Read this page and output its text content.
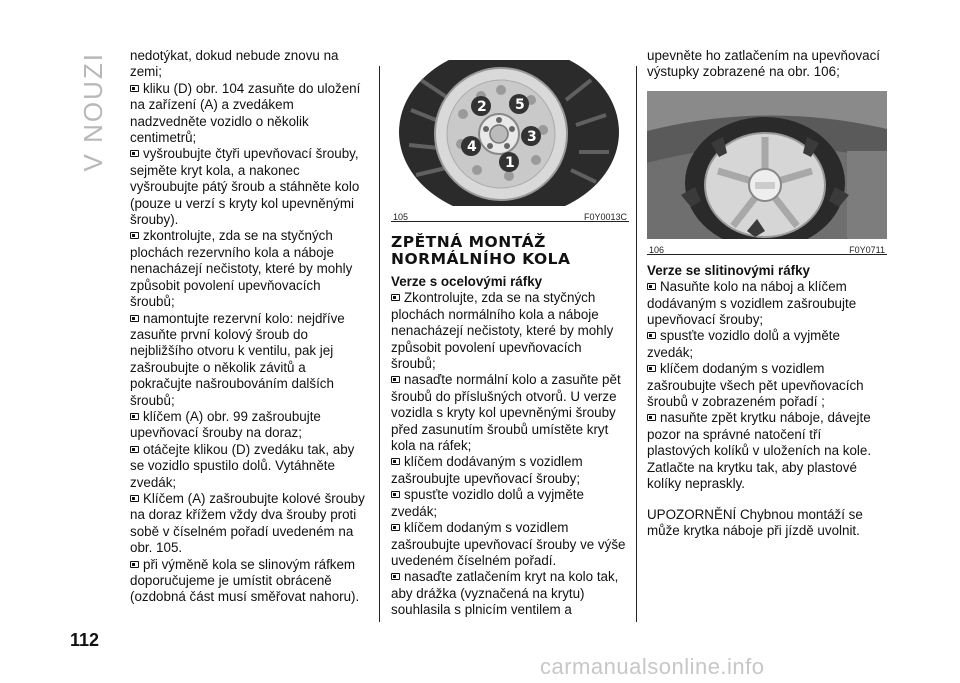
V NOUZI
112
nedotýkat, dokud nebude znovu na zemi;
kliku (D) obr. 104 zasuňte do uložení na zařízení (A) a zvedákem nadzvedněte vozidlo o několik centimetrů;
vyšroubujte čtyři upevňovací šrouby, sejměte kryt kola, a nakonec vyšroubujte pátý šroub a stáhněte kolo (pouze u verzí s kryty kol upevněnými šrouby).
zkontrolujte, zda se na styčných plochách rezervního kola a náboje nenacházejí nečistoty, které by mohly způsobit povolení upevňovacích šroubů;
namontujte rezervní kolo: nejdříve zasuňte první kolový šroub do nejbližšího otvoru k ventilu, pak jej zašroubujte o několik závitů a pokračujte našroubováním dalších šroubů;
klíčem (A) obr. 99 zašroubujte upevňovací šrouby na doraz;
otáčejte klikou (D) zvedáku tak, aby se vozidlo spustilo dolů. Vytáhněte zvedák;
Klíčem (A) zašroubujte kolové šrouby na doraz křížem vždy dva šrouby proti sobě v číselném pořadí uvedeném na obr. 105.
při výměně kola se slinovým ráfkem doporučujeme je umístit obráceně (ozdobná část musí směřovat nahoru).
2 5
3
4
1
105	F0Y0013C
ZPĚTNÁ MONTÁŽ NORMÁLNÍHO KOLA
Verze s ocelovými ráfky
Zkontrolujte, zda se na styčných plochách normálního kola a náboje nenacházejí nečistoty, které by mohly způsobit povolení upevňovacích šroubů;
nasaďte normální kolo a zasuňte pět šroubů do příslušných otvorů. U verze vozidla s kryty kol upevněnými šrouby před zasunutím šroubů umístěte kryt kola na ráfek;
klíčem dodávaným s vozidlem zašroubujte upevňovací šrouby;
spusťte vozidlo dolů a vyjměte zvedák;
klíčem dodaným s vozidlem zašroubujte upevňovací šrouby ve výše uvedeném číselném pořadí.
nasaďte zatlačením kryt na kolo tak, aby drážka (vyznačená na krytu) souhlasila s plnicím ventilem a
upevněte ho zatlačením na upevňovací výstupky zobrazené na obr. 106;
106	F0Y0711
Verze se slitinovými ráfky
Nasuňte kolo na náboj a klíčem dodávaným s vozidlem zašroubujte upevňovací šrouby;
spusťte vozidlo dolů a vyjměte zvedák;
klíčem dodaným s vozidlem zašroubujte všech pět upevňovacích šroubů v zobrazeném pořadí ;
nasuňte zpět krytku náboje, dávejte pozor na správné natočení tří plastových kolíků v uloženích na kole. Zatlačte na krytku tak, aby plastové kolíky nepraskly.
UPOZORNĚNÍ Chybnou montáží se může krytka náboje při jízdě uvolnit.
carmanualsonline.info
